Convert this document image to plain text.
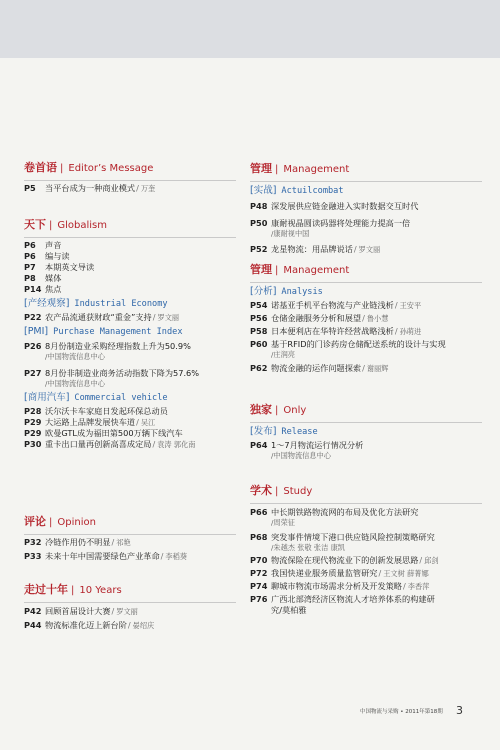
卷首语 | Editor’s Message
P5 当平台成为一种商业模式/ 万奎
天下 | Globalism
P6 声音
P6 编与读
P7 本期英文导读
P8 媒体
P14 焦点
[产经观察] Industrial Economy
P22 农产品流通获财政“重金”支持/ 罗文丽
[PMI] Purchase Management Index
P26 8月份制造业采购经理指数上升为50.9%
/中国物流信息中心
P27 8月份非制造业商务活动指数下降为57.6%
/中国物流信息中心
[商用汽车] Commercial vehicle
P28 沃尔沃卡车家庭日发起环保总动员
P29 大运路上品牌发展快车道/ 吴江
P29 欧曼GTL成为福田第500万辆下线汽车
P30 重卡出口量再创新高喜成定局/ 袁涛 郭化南
评论 | Opinion
P32 冷链作用仍不明显/ 祁艳
P33 未来十年中国需要绿色产业革命/ 李稻葵
走过十年 | 10 Years
P42 回顾首届设计大赛/ 罗文丽
P44 物流标准化迈上新台阶/ 晏绍庆
管理 | Management
[实战] Actuilcombat
P48 深发展供应链金融进入实时数据交互时代
P50 康耐视晶圆读码器将处理能力提高一倍
/康耐视中国
P52 龙星物流：用品牌说话/ 罗文丽
管理 | Management
[分析] Analysis
P54 诺基亚手机平台物流与产业链浅析/ 王安平
P56 仓储金融服务分析和展望/ 鲁小慧
P58 日本便利店在华特许经营战略浅析/ 孙萌进
P60 基于RFID的门诊药房仓储配送系统的设计与实现
/庄润亮
P62 物流金融的运作问题探索/ 谢丽辉
独家 | Only
[发布] Release
P64 1～7月物流运行情况分析
/中国物流信息中心
学术 | Study
P66 中长期铁路物流网的布局及优化方法研究
/周荣征
P68 突发事件情境下港口供应链风险控制策略研究
/朱越杰 张敬 张洁 康凯
P70 物流保险在现代物流业下的创新发展思路/ 邱剑
P72 我国快递业服务质量监管研究/ 王文树 薛菁娜
P74 聊城市物流市场需求分析及开发策略/ 李香萍
P76 广西北部湾经济区物流人才培养体系的构建研
究/莫柏雅
中国物流与采购 • 2011年第18期 3
